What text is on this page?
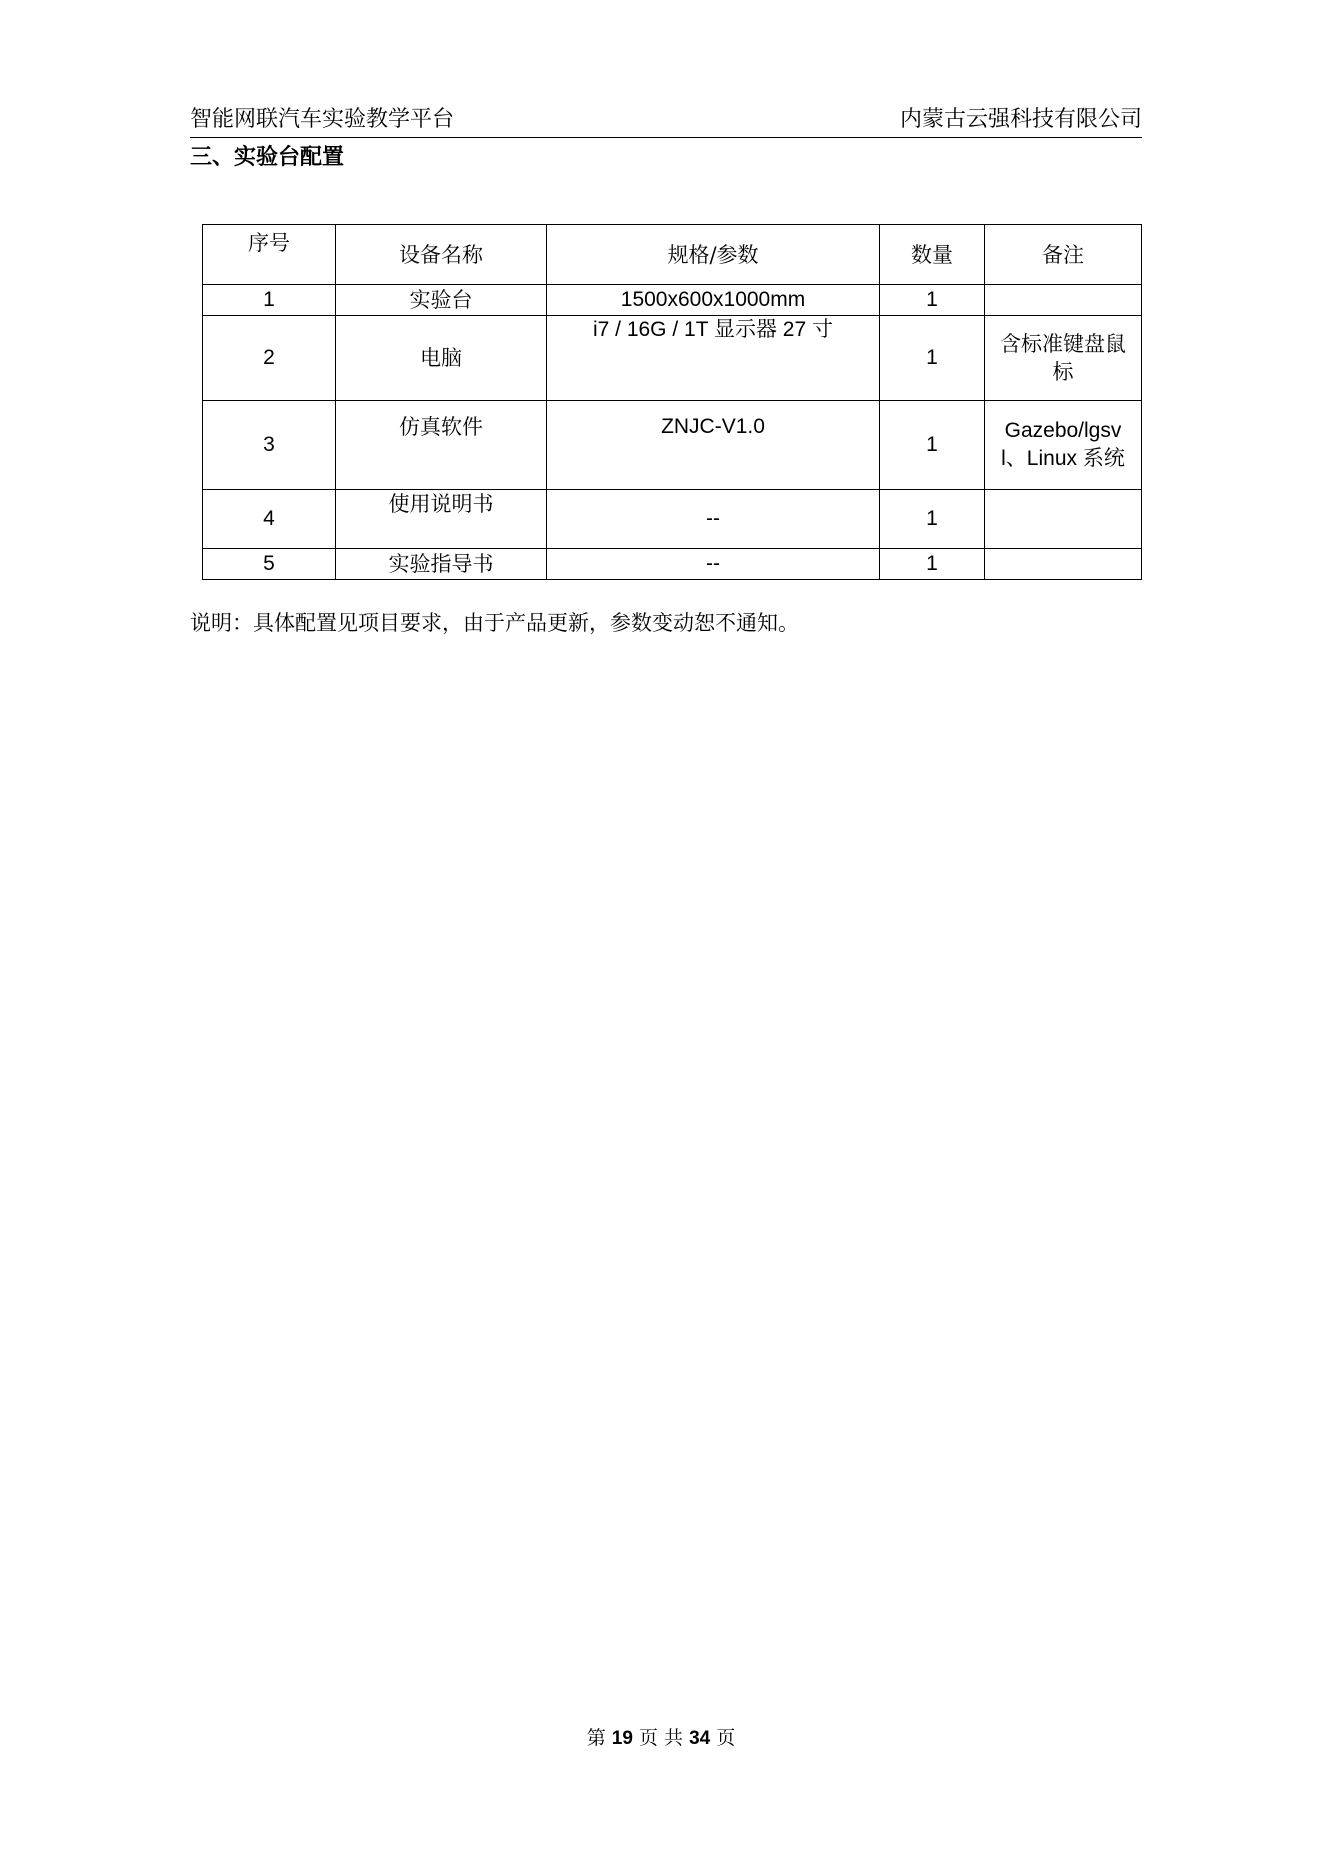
智能网联汽车实验教学平台	内蒙古云强科技有限公司
三、实验台配置
序号	设备名称	规格/参数	数量	备注
1	实验台	1500x600x1000mm	1	
2	电脑	i7 / 16G / 1T 显示器 27 寸	1	含标准键盘鼠标
3	仿真软件	ZNJC-V1.0	1	Gazebo/lgsvl、Linux 系统
4	使用说明书	--	1	
5	实验指导书	--	1	
说明：具体配置见项目要求，由于产品更新，参数变动恕不通知。
第 19 页 共 34 页
